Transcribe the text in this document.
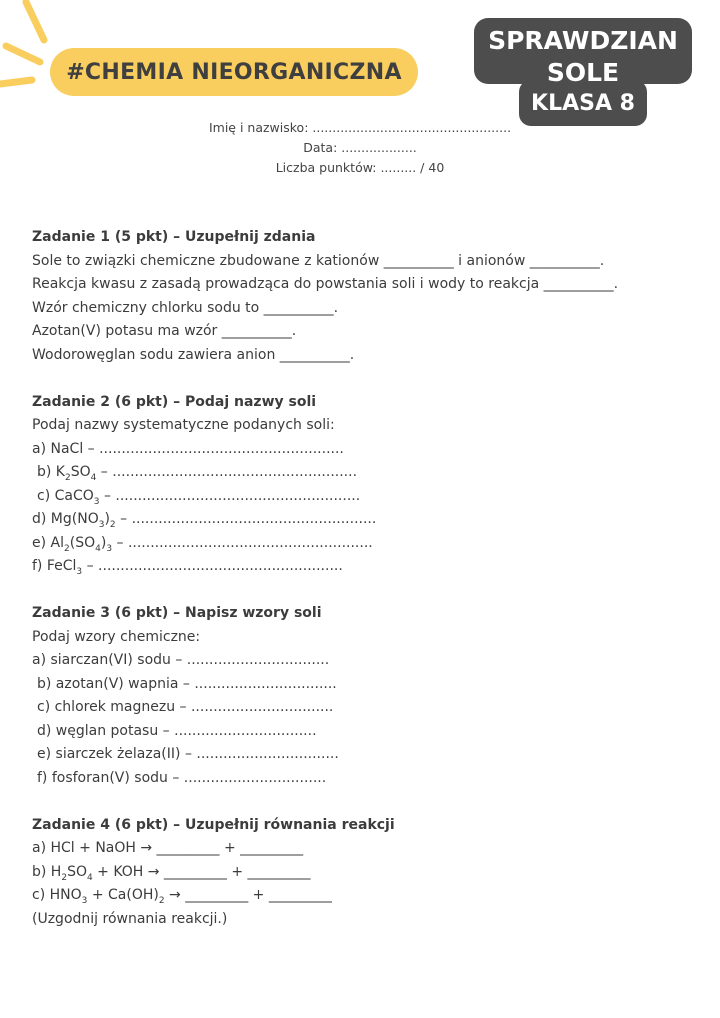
#CHEMIA NIEORGANICZNA
SPRAWDZIAN
SOLE
KLASA 8
Imię i nazwisko: ..................................................
Data: ...................
Liczba punktów: ......... / 40
Zadanie 1 (5 pkt) – Uzupełnij zdania
Sole to związki chemiczne zbudowane z kationów __________ i anionów __________.
Reakcja kwasu z zasadą prowadząca do powstania soli i wody to reakcja __________.
Wzór chemiczny chlorku sodu to __________.
Azotan(V) potasu ma wzór __________.
Wodorowęglan sodu zawiera anion __________.
Zadanie 2 (6 pkt) – Podaj nazwy soli
Podaj nazwy systematyczne podanych soli:
a) NaCl – .......................................................
b) $K_2SO_4$ – .......................................................
c) CaCO$_3$ – .......................................................
d) $Mg(NO_3)_2$ – .......................................................
e) $Al_2(SO_4)_3$ – .......................................................
f) FeCl$_3$ – .......................................................
Zadanie 3 (6 pkt) – Napisz wzory soli
Podaj wzory chemiczne:
a) siarczan(VI) sodu – ................................
b) azotan(V) wapnia – ................................
c) chlorek magnezu – ................................
d) węglan potasu – ................................
e) siarczek żelaza(II) – ................................
f) fosforan(V) sodu – ................................
Zadanie 4 (6 pkt) – Uzupełnij równania reakcji
a) HCl + NaOH → _________ + _________
b) $H_2SO_4$ + KOH → _________ + _________
c) $HNO_3 + Ca(OH)_2$ → _________ + _________
(Uzgodnij równania reakcji.)
